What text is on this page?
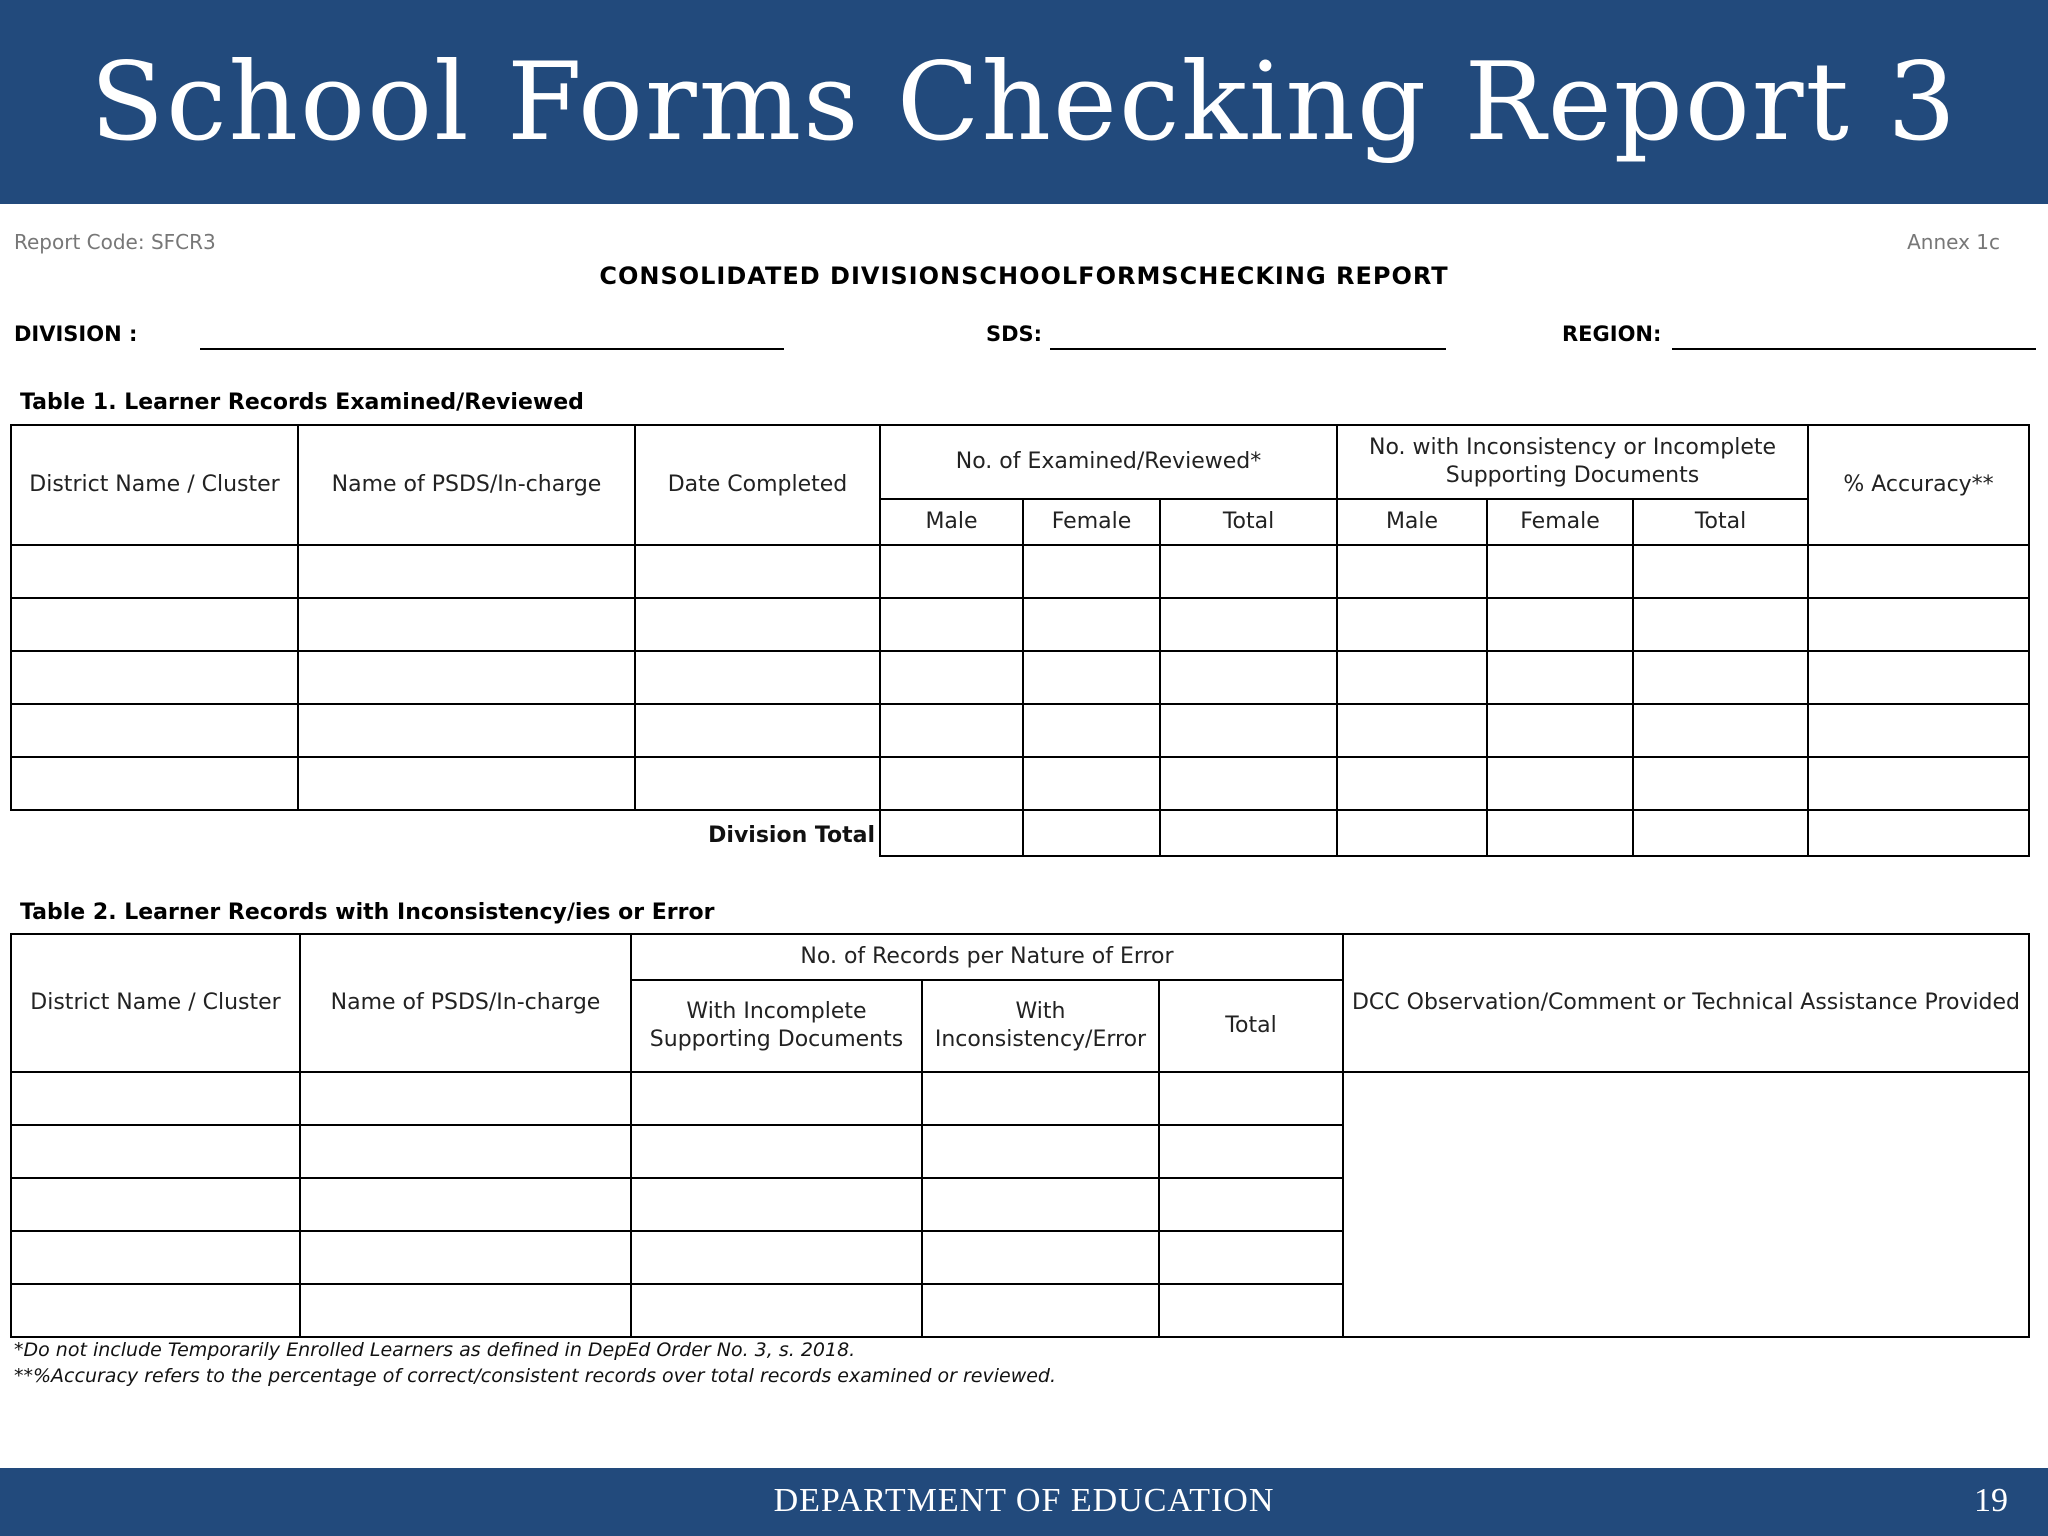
School Forms Checking Report 3
Report Code: SFCR3	Annex 1c
CONSOLIDATED DIVISIONSCHOOLFORMSCHECKING REPORT
DIVISION :	SDS:	REGION:
Table 1. Learner Records Examined/Reviewed
District Name / Cluster	Name of PSDS/In-charge	Date Completed	No. of Examined/Reviewed*			No. with Inconsistency or Incomplete Supporting Documents			% Accuracy**
			Male	Female	Total	Male	Female	Total	

Division Total									
Table 2. Learner Records with Inconsistency/ies or Error
District Name / Cluster	Name of PSDS/In-charge	No. of Records per Nature of Error			DCC Observation/Comment or Technical Assistance Provided
		With Incomplete Supporting Documents	With Inconsistency/Error	Total	

*Do not include Temporarily Enrolled Learners as defined in DepEd Order No. 3, s. 2018.
**%Accuracy refers to the percentage of correct/consistent records over total records examined or reviewed.
DEPARTMENT OF EDUCATION	19
